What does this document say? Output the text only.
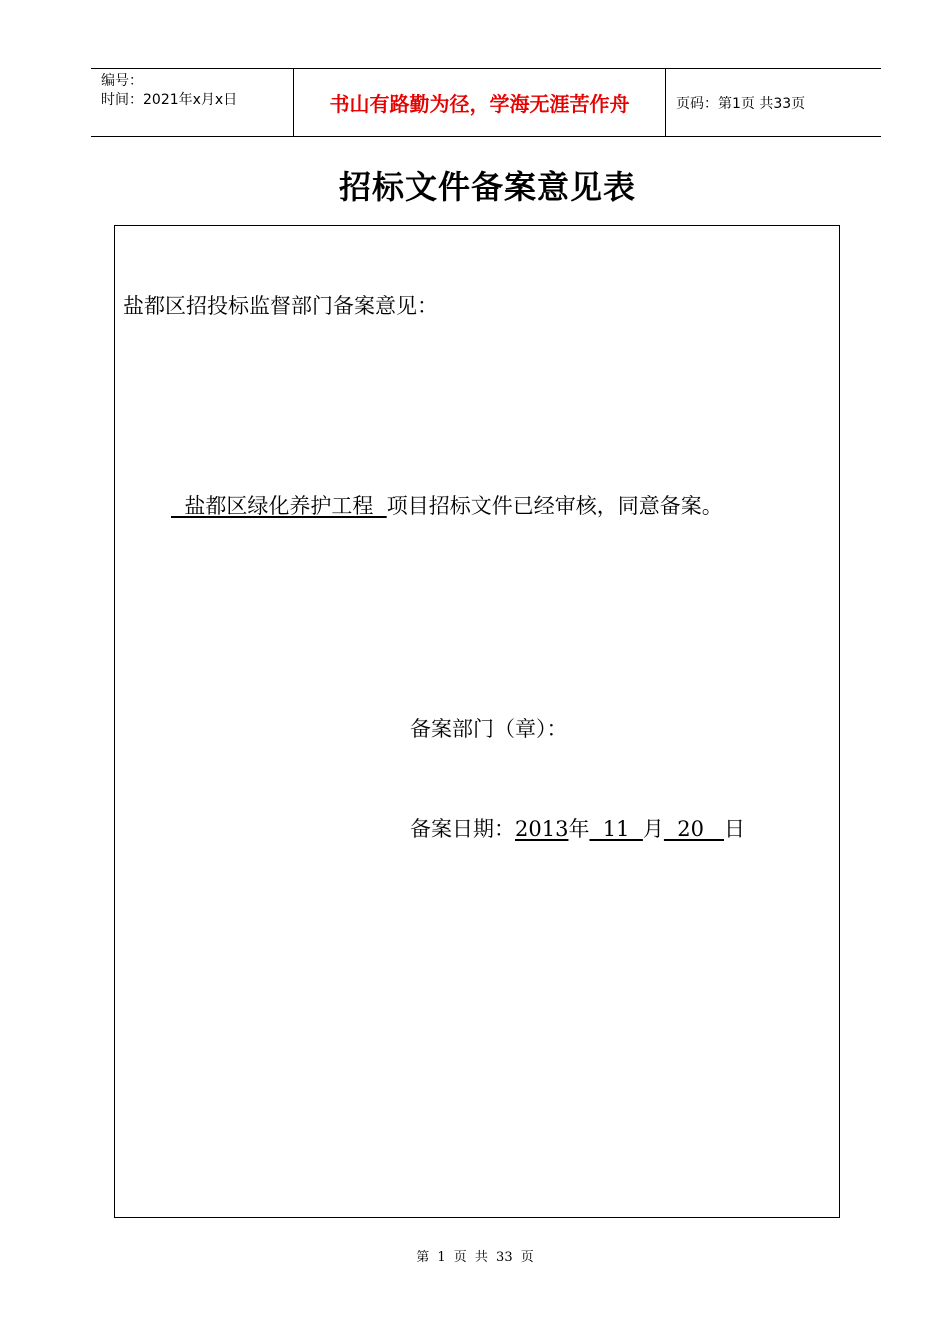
编号：
时间：2021年x月x日	书山有路勤为径，学海无涯苦作舟	页码：第1页 共33页
招标文件备案意见表
盐都区招投标监督部门备案意见：
盐都区绿化养护工程  项目招标文件已经审核，同意备案。
备案部门（章）：
备案日期：2013年  11  月  20   日
第 1 页 共 33 页
